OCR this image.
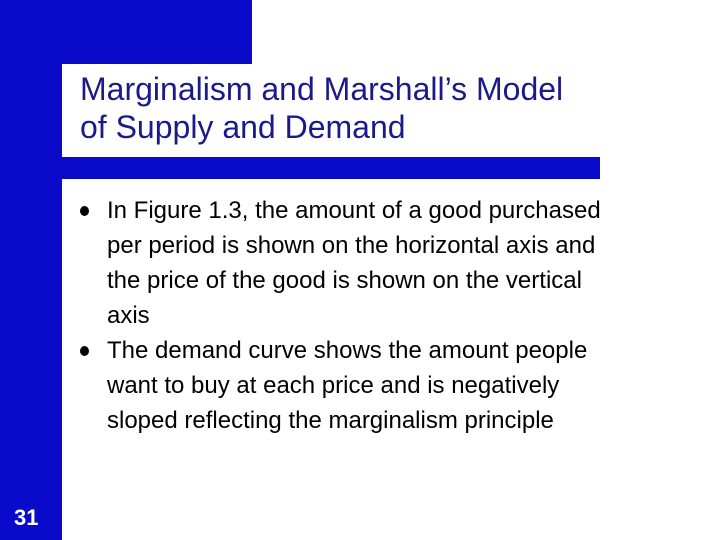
Marginalism and Marshall’s Model
of Supply and Demand
In Figure 1.3, the amount of a good purchased
per period is shown on the horizontal axis and
the price of the good is shown on the vertical
axis
The demand curve shows the amount people
want to buy at each price and is negatively
sloped reflecting the marginalism principle
31
